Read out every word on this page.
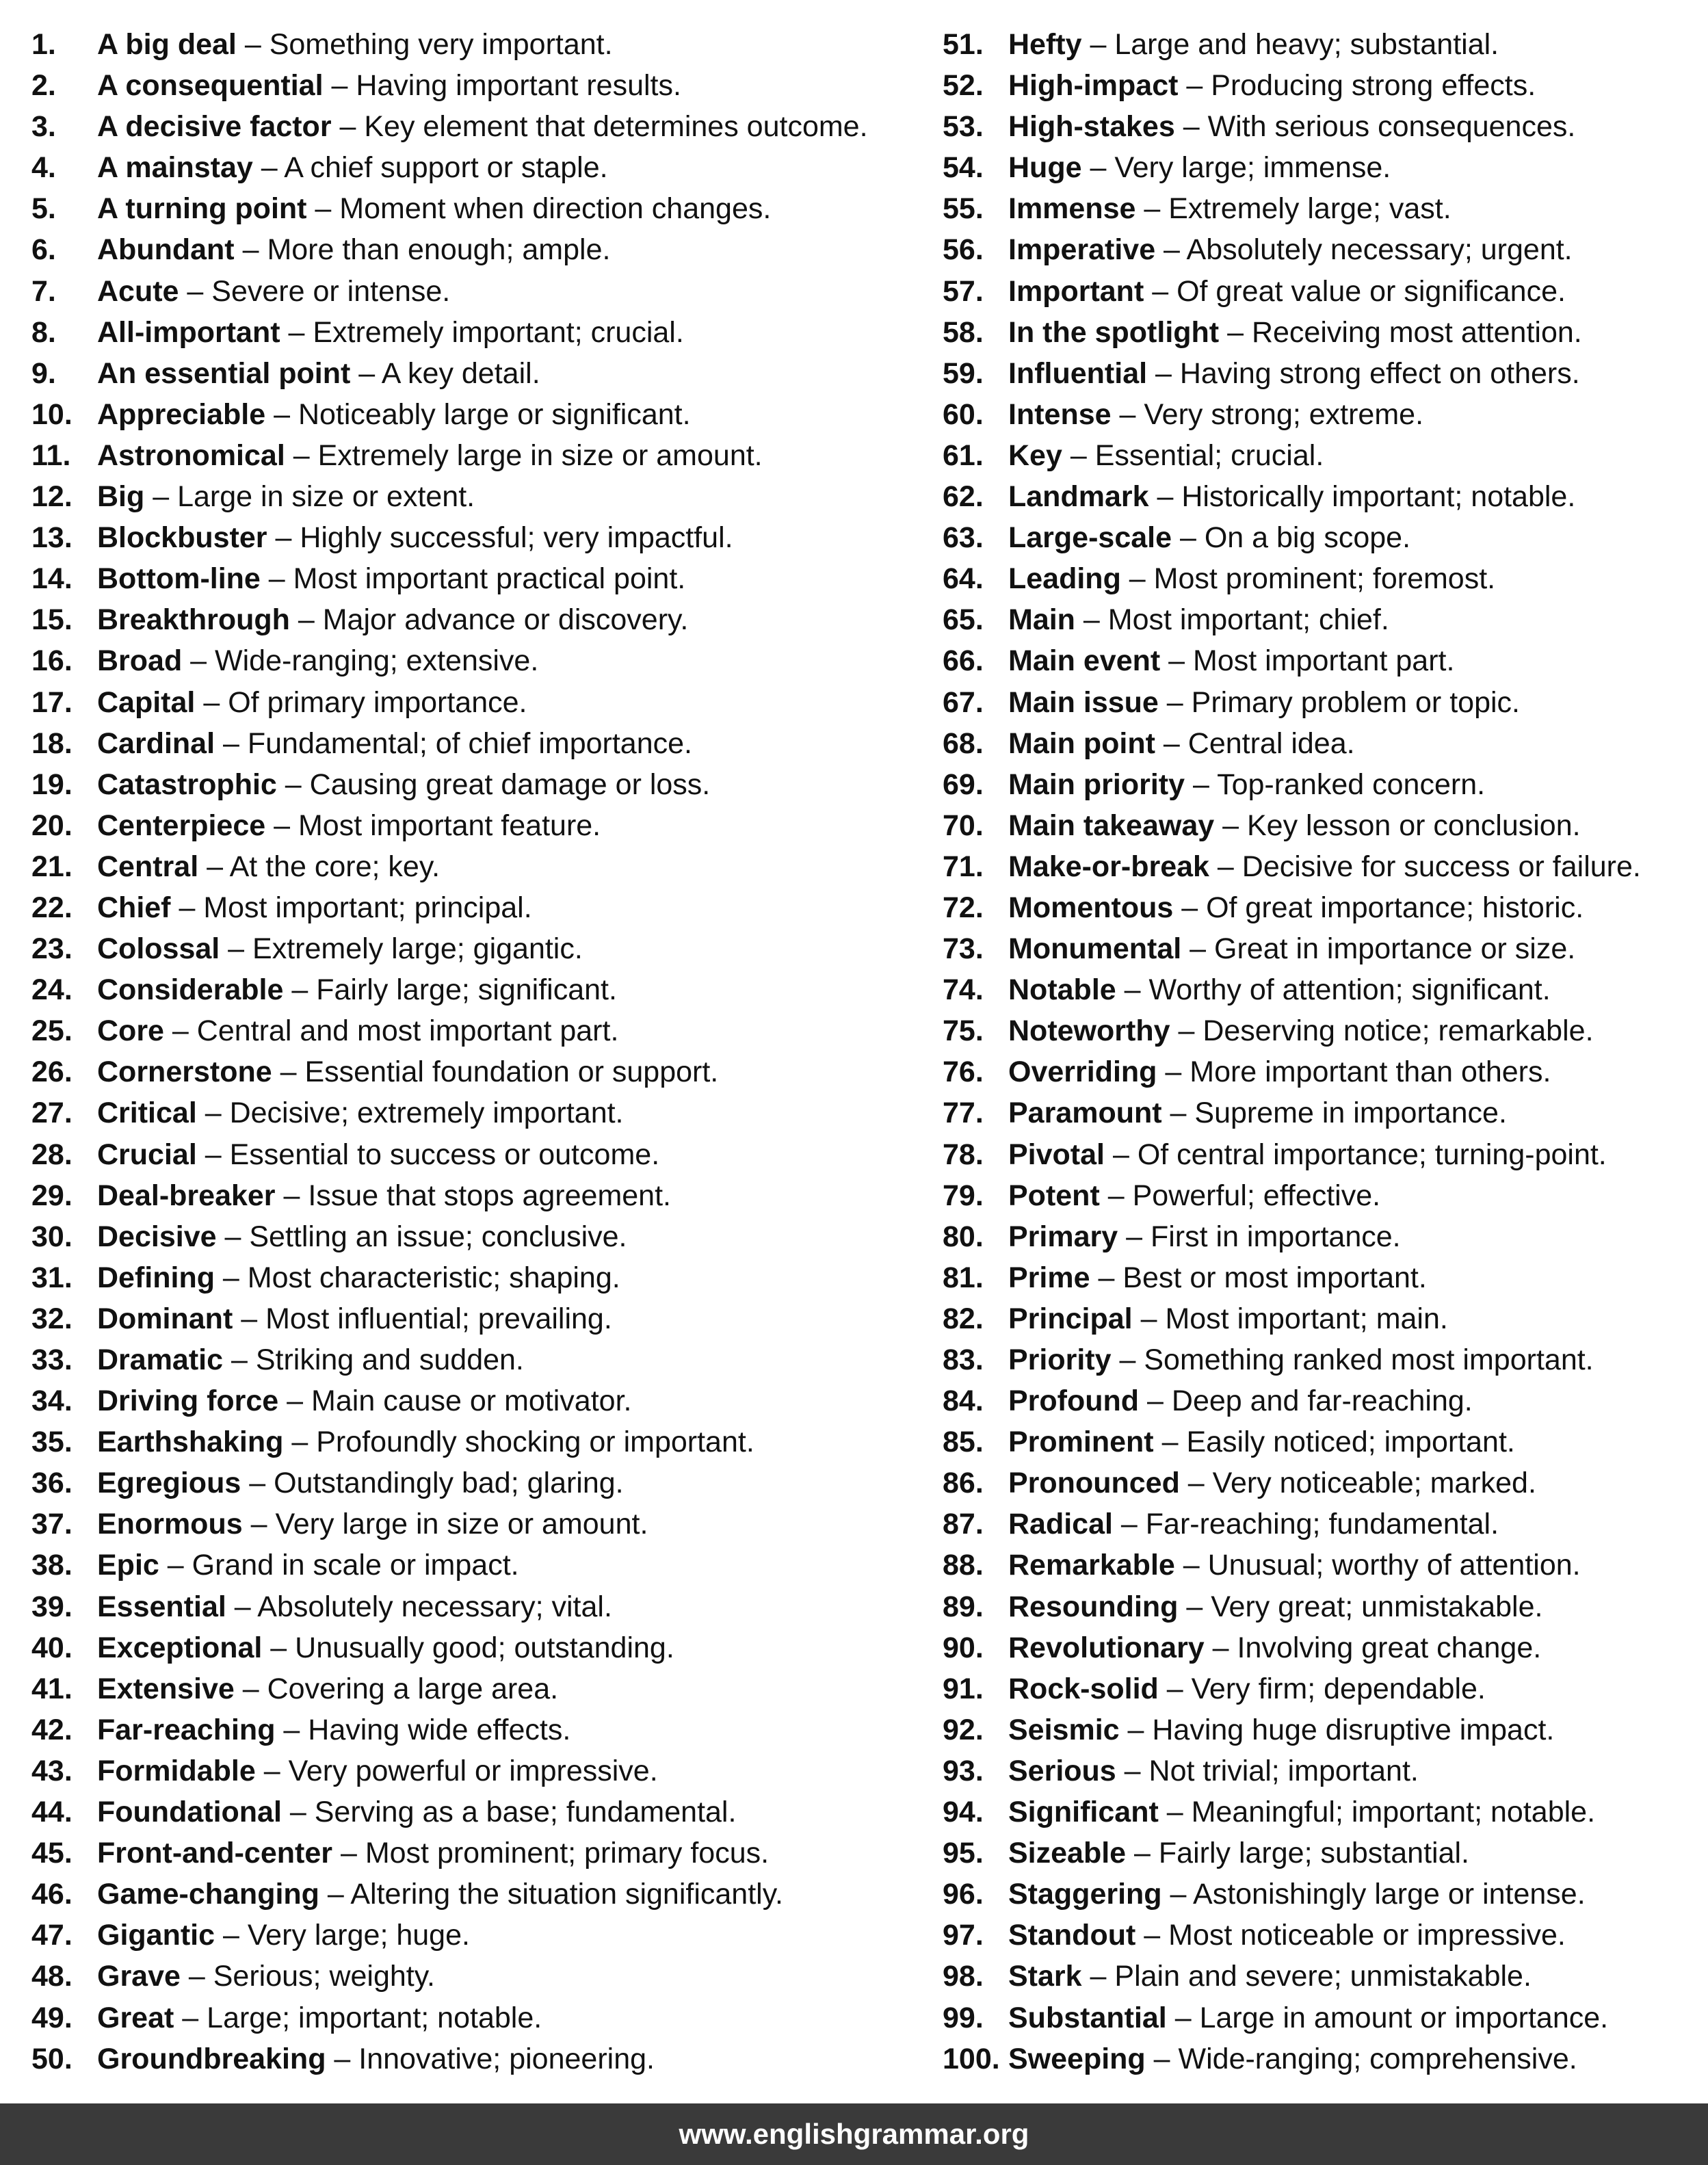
1. A big deal – Something very important.
2. A consequential – Having important results.
3. A decisive factor – Key element that determines outcome.
4. A mainstay – A chief support or staple.
5. A turning point – Moment when direction changes.
6. Abundant – More than enough; ample.
7. Acute – Severe or intense.
8. All-important – Extremely important; crucial.
9. An essential point – A key detail.
10. Appreciable – Noticeably large or significant.
11. Astronomical – Extremely large in size or amount.
12. Big – Large in size or extent.
13. Blockbuster – Highly successful; very impactful.
14. Bottom-line – Most important practical point.
15. Breakthrough – Major advance or discovery.
16. Broad – Wide-ranging; extensive.
17. Capital – Of primary importance.
18. Cardinal – Fundamental; of chief importance.
19. Catastrophic – Causing great damage or loss.
20. Centerpiece – Most important feature.
21. Central – At the core; key.
22. Chief – Most important; principal.
23. Colossal – Extremely large; gigantic.
24. Considerable – Fairly large; significant.
25. Core – Central and most important part.
26. Cornerstone – Essential foundation or support.
27. Critical – Decisive; extremely important.
28. Crucial – Essential to success or outcome.
29. Deal-breaker – Issue that stops agreement.
30. Decisive – Settling an issue; conclusive.
31. Defining – Most characteristic; shaping.
32. Dominant – Most influential; prevailing.
33. Dramatic – Striking and sudden.
34. Driving force – Main cause or motivator.
35. Earthshaking – Profoundly shocking or important.
36. Egregious – Outstandingly bad; glaring.
37. Enormous – Very large in size or amount.
38. Epic – Grand in scale or impact.
39. Essential – Absolutely necessary; vital.
40. Exceptional – Unusually good; outstanding.
41. Extensive – Covering a large area.
42. Far-reaching – Having wide effects.
43. Formidable – Very powerful or impressive.
44. Foundational – Serving as a base; fundamental.
45. Front-and-center – Most prominent; primary focus.
46. Game-changing – Altering the situation significantly.
47. Gigantic – Very large; huge.
48. Grave – Serious; weighty.
49. Great – Large; important; notable.
50. Groundbreaking – Innovative; pioneering.
51. Hefty – Large and heavy; substantial.
52. High-impact – Producing strong effects.
53. High-stakes – With serious consequences.
54. Huge – Very large; immense.
55. Immense – Extremely large; vast.
56. Imperative – Absolutely necessary; urgent.
57. Important – Of great value or significance.
58. In the spotlight – Receiving most attention.
59. Influential – Having strong effect on others.
60. Intense – Very strong; extreme.
61. Key – Essential; crucial.
62. Landmark – Historically important; notable.
63. Large-scale – On a big scope.
64. Leading – Most prominent; foremost.
65. Main – Most important; chief.
66. Main event – Most important part.
67. Main issue – Primary problem or topic.
68. Main point – Central idea.
69. Main priority – Top-ranked concern.
70. Main takeaway – Key lesson or conclusion.
71. Make-or-break – Decisive for success or failure.
72. Momentous – Of great importance; historic.
73. Monumental – Great in importance or size.
74. Notable – Worthy of attention; significant.
75. Noteworthy – Deserving notice; remarkable.
76. Overriding – More important than others.
77. Paramount – Supreme in importance.
78. Pivotal – Of central importance; turning-point.
79. Potent – Powerful; effective.
80. Primary – First in importance.
81. Prime – Best or most important.
82. Principal – Most important; main.
83. Priority – Something ranked most important.
84. Profound – Deep and far-reaching.
85. Prominent – Easily noticed; important.
86. Pronounced – Very noticeable; marked.
87. Radical – Far-reaching; fundamental.
88. Remarkable – Unusual; worthy of attention.
89. Resounding – Very great; unmistakable.
90. Revolutionary – Involving great change.
91. Rock-solid – Very firm; dependable.
92. Seismic – Having huge disruptive impact.
93. Serious – Not trivial; important.
94. Significant – Meaningful; important; notable.
95. Sizeable – Fairly large; substantial.
96. Staggering – Astonishingly large or intense.
97. Standout – Most noticeable or impressive.
98. Stark – Plain and severe; unmistakable.
99. Substantial – Large in amount or importance.
100. Sweeping – Wide-ranging; comprehensive.
www.englishgrammar.org
